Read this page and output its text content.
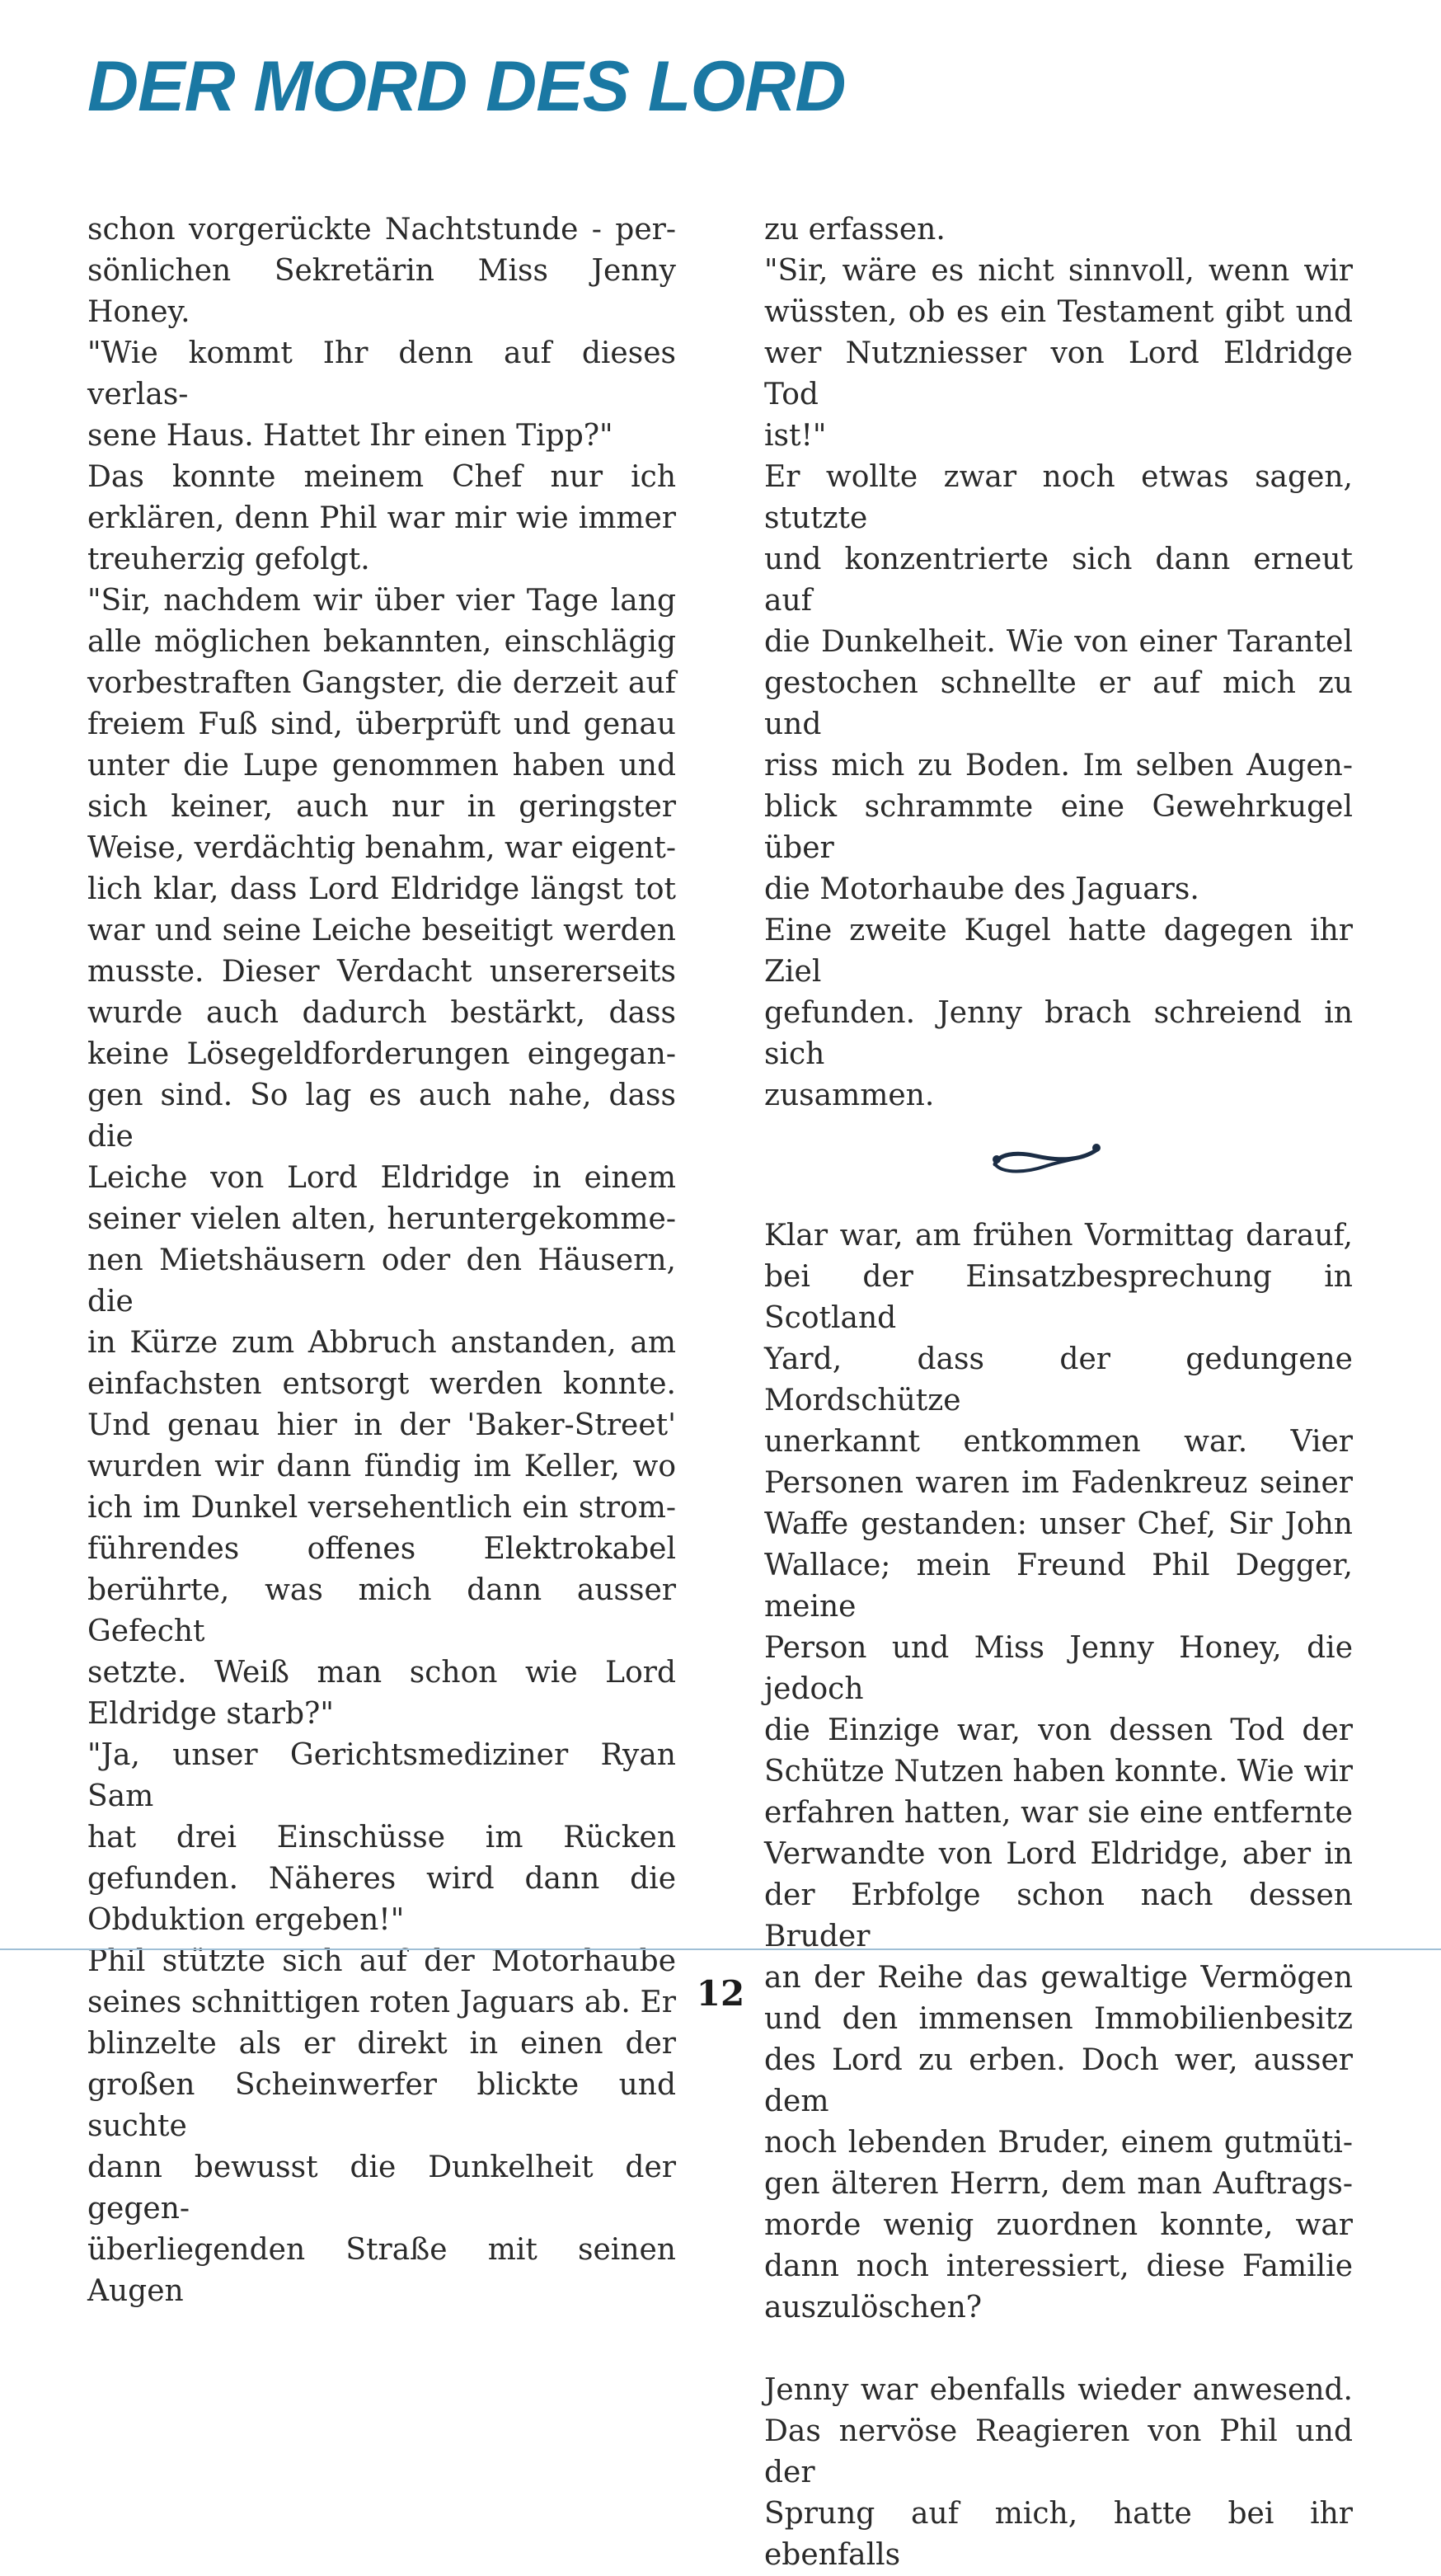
DER MORD DES LORD

schon vorgerückte Nachtstunde - per-

sönlichen Sekretärin Miss Jenny Honey.

"Wie kommt Ihr denn auf dieses verlas-

sene Haus. Hattet Ihr einen Tipp?"

Das konnte meinem Chef nur ich

erklären, denn Phil war mir wie immer

treuherzig gefolgt.

"Sir, nachdem wir über vier Tage lang

alle möglichen bekannten, einschlägig

vorbestraften Gangster, die derzeit auf

freiem Fuß sind, überprüft und genau

unter die Lupe genommen haben und

sich keiner, auch nur in geringster

Weise, verdächtig benahm, war eigent-

lich klar, dass Lord Eldridge längst tot

war und seine Leiche beseitigt werden

musste. Dieser Verdacht unsererseits

wurde auch dadurch bestärkt, dass

keine Lösegeldforderungen eingegan-

gen sind. So lag es auch nahe, dass die

Leiche von Lord Eldridge in einem

seiner vielen alten, heruntergekomme-

nen Mietshäusern oder den Häusern, die

in Kürze zum Abbruch anstanden, am

einfachsten entsorgt werden konnte.

Und genau hier in der 'Baker-Street'

wurden wir dann fündig im Keller, wo

ich im Dunkel versehentlich ein strom-

führendes offenes Elektrokabel

berührte, was mich dann ausser Gefecht

setzte. Weiß man schon wie Lord

Eldridge starb?"

"Ja, unser Gerichtsmediziner Ryan Sam

hat drei Einschüsse im Rücken

gefunden. Näheres wird dann die

Obduktion ergeben!"

Phil stützte sich auf der Motorhaube

seines schnittigen roten Jaguars ab. Er

blinzelte als er direkt in einen der

großen Scheinwerfer blickte und suchte

dann bewusst die Dunkelheit der gegen-

überliegenden Straße mit seinen Augen

zu erfassen.

"Sir, wäre es nicht sinnvoll, wenn wir

wüssten, ob es ein Testament gibt und

wer Nutzniesser von Lord Eldridge Tod

ist!"

Er wollte zwar noch etwas sagen, stutzte

und konzentrierte sich dann erneut auf

die Dunkelheit. Wie von einer Tarantel

gestochen schnellte er auf mich zu und

riss mich zu Boden. Im selben Augen-

blick schrammte eine Gewehrkugel über

die Motorhaube des Jaguars.

Eine zweite Kugel hatte dagegen ihr Ziel

gefunden. Jenny brach schreiend in sich

zusammen.

Klar war, am frühen Vormittag darauf,

bei der Einsatzbesprechung in Scotland

Yard, dass der gedungene Mordschütze

unerkannt entkommen war. Vier

Personen waren im Fadenkreuz seiner

Waffe gestanden: unser Chef, Sir John

Wallace; mein Freund Phil Degger, meine

Person und Miss Jenny Honey, die jedoch

die Einzige war, von dessen Tod der

Schütze Nutzen haben konnte. Wie wir

erfahren hatten, war sie eine entfernte

Verwandte von Lord Eldridge, aber in

der Erbfolge schon nach dessen Bruder

an der Reihe das gewaltige Vermögen

und den immensen Immobilienbesitz

des Lord zu erben. Doch wer, ausser dem

noch lebenden Bruder, einem gutmüti-

gen älteren Herrn, dem man Auftrags-

morde wenig zuordnen konnte, war

dann noch interessiert, diese Familie

auszulöschen?

Jenny war ebenfalls wieder anwesend.

Das nervöse Reagieren von Phil und der

Sprung auf mich, hatte bei ihr ebenfalls

12
